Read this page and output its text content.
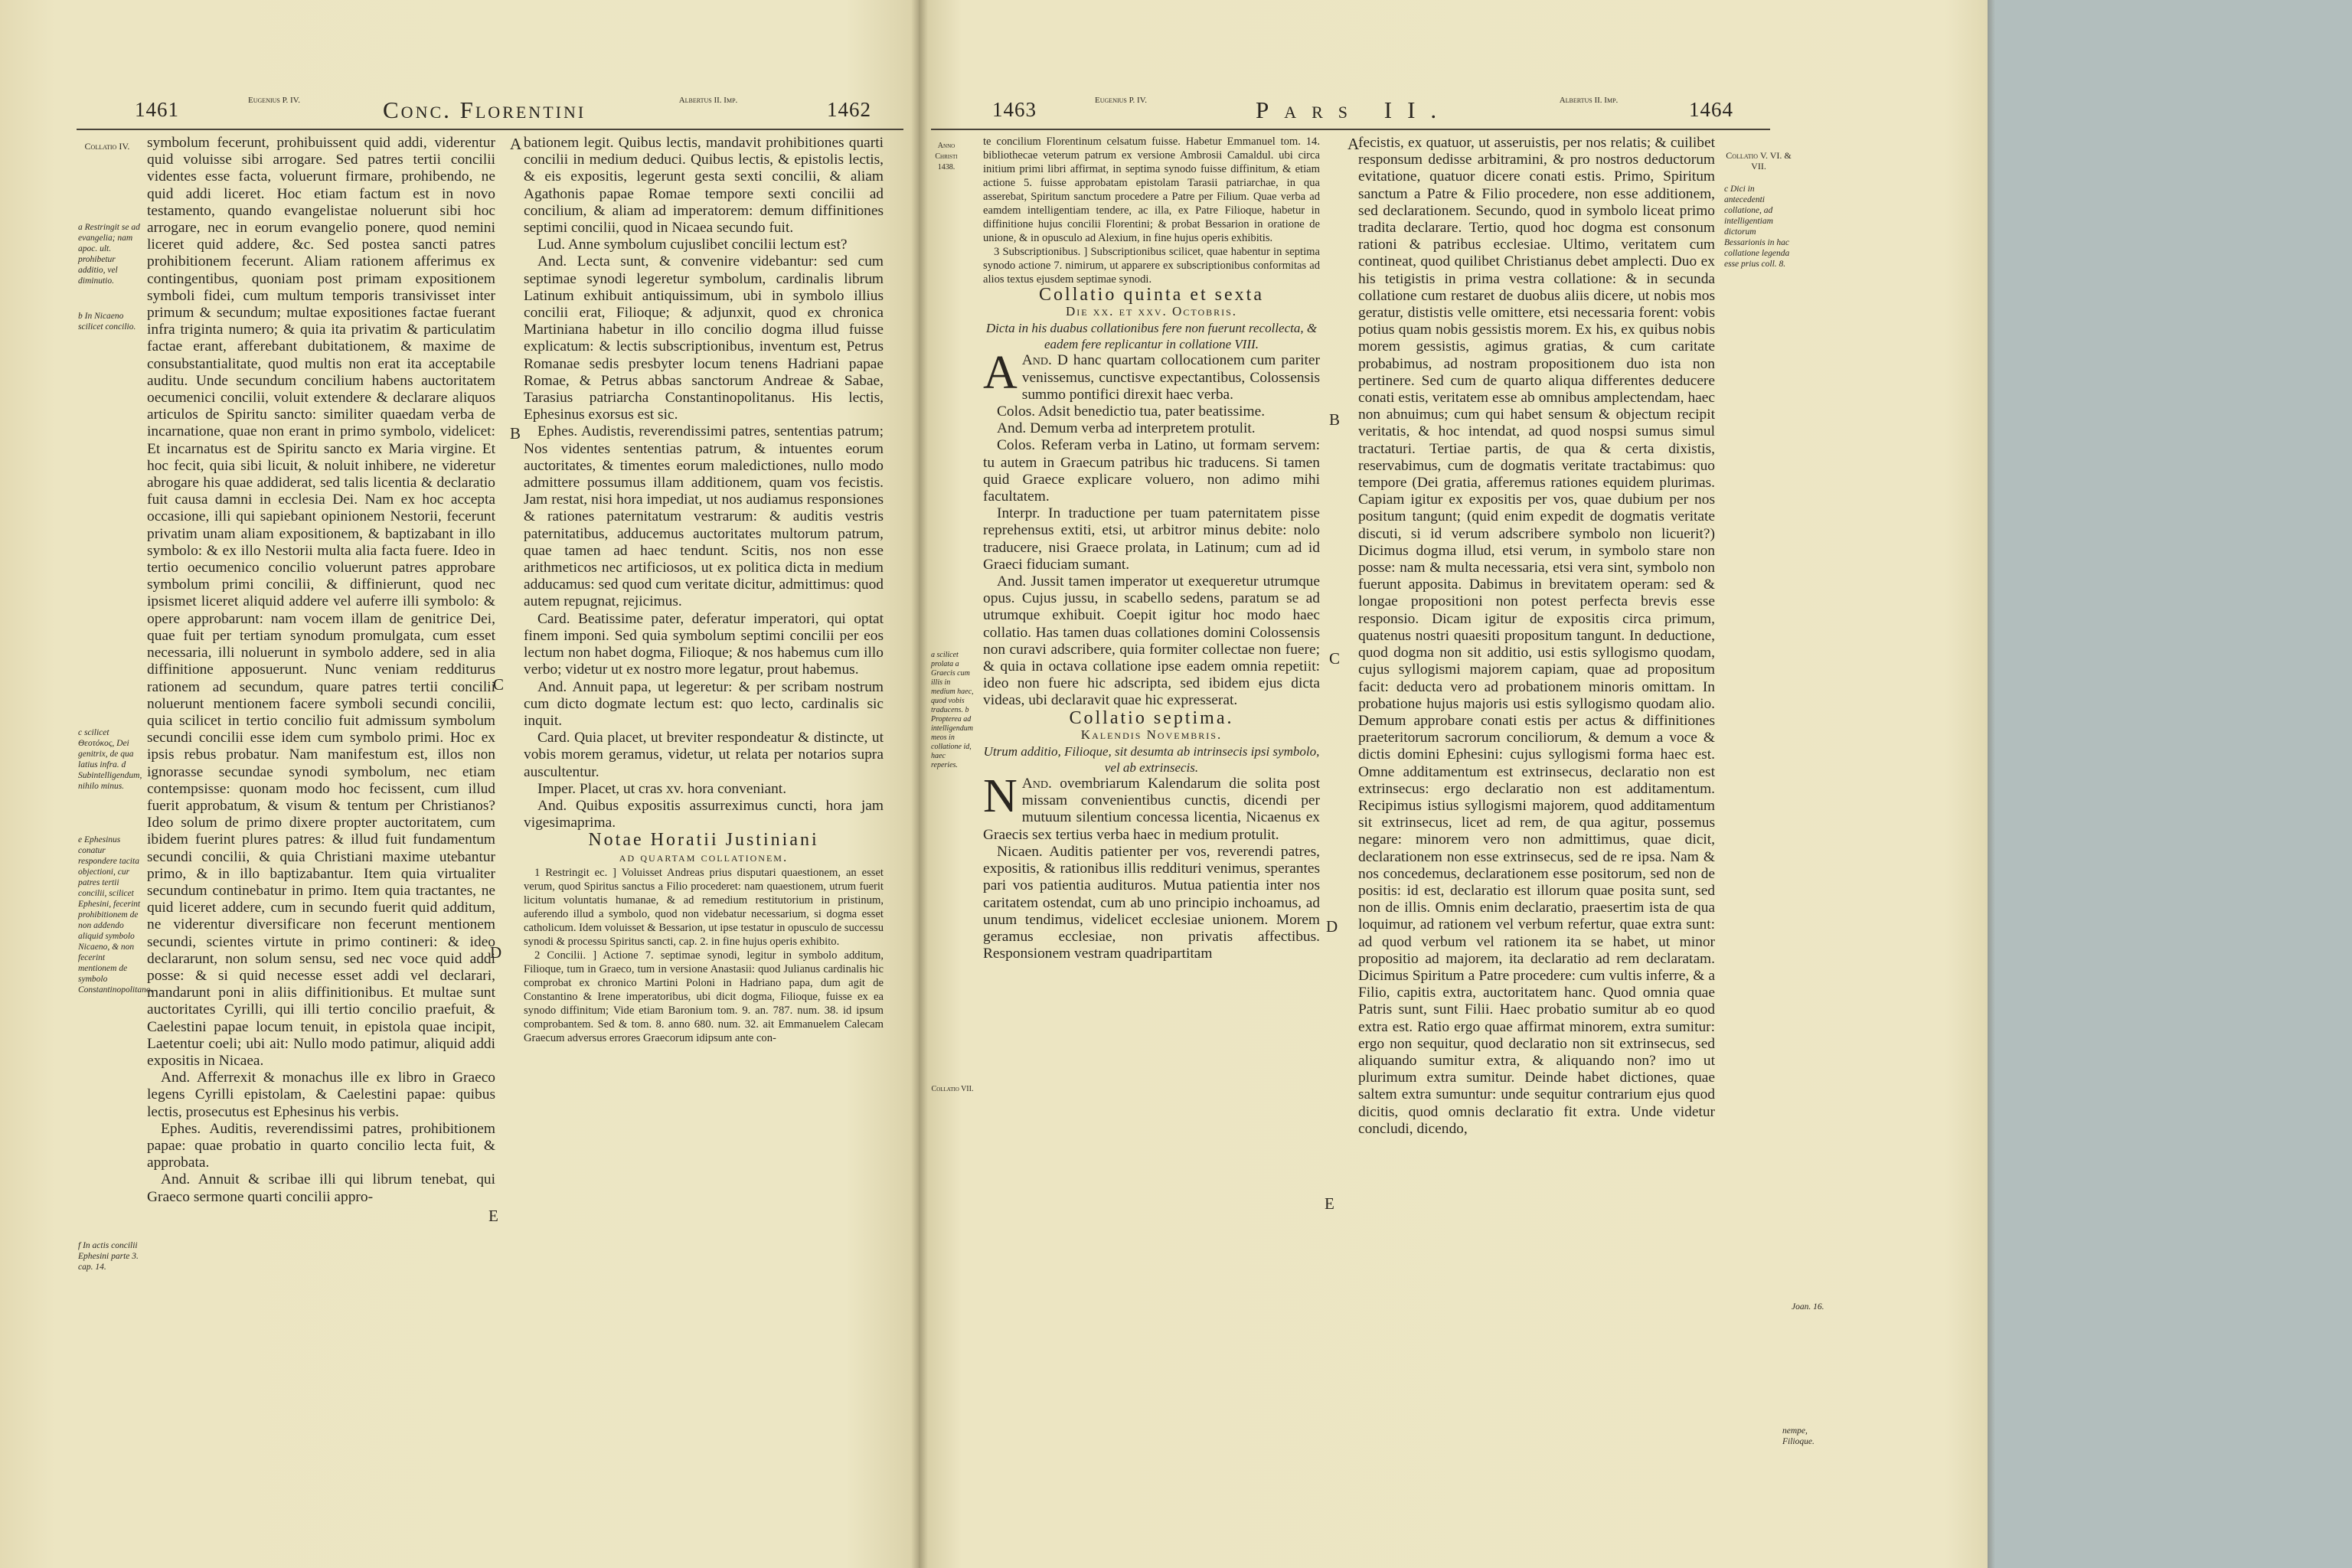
1461	Eugenius P. IV.	Conc. Florentini	Albertus II. Imp.	1462
Collatio IV.
a Restringit se ad evangelia; nam apoc. ult. prohibetur additio, vel diminutio.
b In Nicaeno scilicet concilio.
c scilicet Θεοτόκος, Dei genitrix, de qua latius infra. d Subintelligendum, nihilo minus.
e Ephesinus conatur respondere tacita objectioni, cur patres tertii concilii, scilicet Ephesini, fecerint prohibitionem de non addendo aliquid symbolo Nicaeno, & non fecerint mentionem de symbolo Constantinopolitano.
f In actis concilii Ephesini parte 3. cap. 14.
A
B
C
D
E

symbolum fecerunt, prohibuissent quid addi, viderentur quid voluisse sibi arrogare. Sed patres tertii concilii videntes esse facta, voluerunt firmare, prohibendo, ne quid addi liceret. Hoc etiam factum est in novo testamento, quando evangelistae noluerunt sibi hoc arrogare, nec in eorum evangelio ponere, quod nemini liceret quid addere, &c. Sed postea sancti patres prohibitionem fecerunt. Aliam rationem afferimus ex contingentibus, quoniam post primam expositionem symboli fidei, cum multum temporis transivisset inter primum & secundum; multae expositiones factae fuerant infra triginta numero; & quia ita privatim & particulatim factae erant, afferebant dubitationem, & maxime de consubstantialitate, quod multis non erat ita acceptabile auditu. Unde secundum concilium habens auctoritatem oecumenici concilii, voluit extendere & declarare aliquos articulos de Spiritu sancto: similiter quaedam verba de incarnatione, quae non erant in primo symbolo, videlicet: Et incarnatus est de Spiritu sancto ex Maria virgine. Et hoc fecit, quia sibi licuit, & noluit inhibere, ne videretur abrogare his quae addiderat, sed talis licentia & declaratio fuit causa damni in ecclesia Dei. Nam ex hoc accepta occasione, illi qui sapiebant opinionem Nestorii, fecerunt privatim unam aliam expositionem, & baptizabant in illo symbolo: & ex illo Nestorii multa alia facta fuere. Ideo in tertio oecumenico concilio voluerunt patres approbare symbolum primi concilii, & diffinierunt, quod nec ipsismet liceret aliquid addere vel auferre illi symbolo: & opere approbarunt: nam vocem illam de genitrice Dei, quae fuit per tertiam synodum promulgata, cum esset necessaria, illi noluerunt in symbolo addere, sed in alia diffinitione apposuerunt. Nunc veniam redditurus rationem ad secundum, quare patres tertii concilii noluerunt mentionem facere symboli secundi concilii, quia scilicet in tertio concilio fuit admissum symbolum secundi concilii esse idem cum symbolo primi. Hoc ex ipsis rebus probatur. Nam manifestum est, illos non ignorasse secundae synodi symbolum, nec etiam contempsisse: quonam modo hoc fecissent, cum illud fuerit approbatum, & visum & tentum per Christianos? Ideo solum de primo dixere propter auctoritatem, cum ibidem fuerint plures patres: & illud fuit fundamentum secundi concilii, & quia Christiani maxime utebantur primo, & in illo baptizabantur. Item quia virtualiter secundum continebatur in primo. Item quia tractantes, ne quid liceret addere, cum in secundo fuerit quid additum, ne viderentur diversificare non fecerunt mentionem secundi, scientes virtute in primo contineri: & ideo declararunt, non solum sensu, sed nec voce quid addi posse: & si quid necesse esset addi vel declarari, mandarunt poni in aliis diffinitionibus. Et multae sunt auctoritates Cyrilli, qui illi tertio concilio praefuit, & Caelestini papae locum tenuit, in epistola quae incipit, Laetentur coeli; ubi ait: Nullo modo patimur, aliquid addi expositis in Nicaea.

And. Afferrexit & monachus ille ex libro in Graeco legens Cyrilli epistolam, & Caelestini papae: quibus lectis, prosecutus est Ephesinus his verbis.

Ephes. Auditis, reverendissimi patres, prohibitionem papae: quae probatio in quarto concilio lecta fuit, & approbata.

And. Annuit & scribae illi qui librum tenebat, qui Graeco sermone quarti concilii appro-

bationem legit. Quibus lectis, mandavit prohibitiones quarti concilii in medium deduci. Quibus lectis, & epistolis lectis, & eis expositis, legerunt gesta sexti concilii, & aliam Agathonis papae Romae tempore sexti concilii ad concilium, & aliam ad imperatorem: demum diffinitiones septimi concilii, quod in Nicaea secundo fuit.

Lud. Anne symbolum cujuslibet concilii lectum est?

And. Lecta sunt, & convenire videbantur: sed cum septimae synodi legeretur symbolum, cardinalis librum Latinum exhibuit antiquissimum, ubi in symbolo illius concilii erat, Filioque; & adjunxit, quod ex chronica Martiniana habetur in illo concilio dogma illud fuisse explicatum: & lectis subscriptionibus, inventum est, Petrus Romanae sedis presbyter locum tenens Hadriani papae Romae, & Petrus abbas sanctorum Andreae & Sabae, Tarasius patriarcha Constantinopolitanus. His lectis, Ephesinus exorsus est sic.

Ephes. Audistis, reverendissimi patres, sententias patrum; Nos videntes sententias patrum, & intuentes eorum auctoritates, & timentes eorum maledictiones, nullo modo admittere possumus illam additionem, quam vos fecistis. Jam restat, nisi hora impediat, ut nos audiamus responsiones & rationes paternitatum vestrarum: & auditis vestris paternitatibus, adducemus auctoritates multorum patrum, quae tamen ad haec tendunt. Scitis, nos non esse arithmeticos nec artificiosos, ut ex politica dicta in medium adducamus: sed quod cum veritate dicitur, admittimus: quod autem repugnat, rejicimus.

Card. Beatissime pater, deferatur imperatori, qui optat finem imponi. Sed quia symbolum septimi concilii per eos lectum non habet dogma, Filioque; & nos habemus cum illo verbo; videtur ut ex nostro more legatur, prout habemus.

And. Annuit papa, ut legeretur: & per scribam nostrum cum dicto dogmate lectum est: quo lecto, cardinalis sic inquit.

Card. Quia placet, ut breviter respondeatur & distincte, ut vobis morem geramus, videtur, ut relata per notarios supra auscultentur.

Imper. Placet, ut cras xv. hora conveniant.

And. Quibus expositis assurreximus cuncti, hora jam vigesimaprima.

Notae Horatii Justiniani

ad quartam collationem.

1 Restringit ec. ] Voluisset Andreas prius disputari quaestionem, an esset verum, quod Spiritus sanctus a Filio procederet: nam quaestionem, utrum fuerit licitum voluntatis humanae, & ad remedium restitutorium in pristinum, auferendo illud a symbolo, quod non videbatur necessarium, si dogma esset catholicum. Idem voluisset & Bessarion, ut ipse testatur in opusculo de successu synodi & processu Spiritus sancti, cap. 2. in fine hujus operis exhibito.

2 Concilii. ] Actione 7. septimae synodi, legitur in symbolo additum, Filioque, tum in Graeco, tum in versione Anastasii: quod Julianus cardinalis hic comprobat ex chronico Martini Poloni in Hadriano papa, dum agit de Constantino & Irene imperatoribus, ubi dicit dogma, Filioque, fuisse ex ea synodo diffinitum; Vide etiam Baronium tom. 9. an. 787. num. 38. id ipsum comprobantem. Sed & tom. 8. anno 680. num. 32. ait Emmanuelem Calecam Graecum adversus errores Graecorum idipsum ante con-

1463	Eugenius P. IV.	Pars II.	Albertus II. Imp.	1464
Anno Christi 1438.
Collatio V. VI. & VII.
c Dici in antecedenti collatione, ad intelligentiam dictorum Bessarionis in hac collatione legenda esse prius coll. 8.
a scilicet prolata a Graecis cum illis in medium haec, quod vobis traducens. b Propterea ad intelligendum meos in collatione id, haec reperies.
Collatio VII.
Joan. 16.
nempe, Filioque.
A
B
C
D
E

te concilium Florentinum celsatum fuisse. Habetur Emmanuel tom. 14. bibliothecae veterum patrum ex versione Ambrosii Camaldul. ubi circa initium primi libri affirmat, in septima synodo fuisse diffinitum, & etiam actione 5. fuisse approbatam epistolam Tarasii patriarchae, in qua asserebat, Spiritum sanctum procedere a Patre per Filium. Quae verba ad eamdem intelligentiam tendere, ac illa, ex Patre Filioque, habetur in diffinitione hujus concilii Florentini; & probat Bessarion in oratione de unione, & in opusculo ad Alexium, in fine hujus operis exhibitis.

3 Subscriptionibus. ] Subscriptionibus scilicet, quae habentur in septima synodo actione 7. nimirum, ut apparere ex subscriptionibus conformitas ad alios textus ejusdem septimae synodi.

Collatio quinta et sexta

Die xx. et xxv. Octobris.

Dicta in his duabus collationibus fere non fuerunt recollecta, & eadem fere replicantur in collatione VIII.

And.
A	D hanc quartam collocationem cum pariter venissemus, cunctisve expectantibus, Colossensis summo pontifici direxit haec verba.

Colos. Adsit benedictio tua, pater beatissime.

And. Demum verba ad interpretem protulit.

Colos. Referam verba in Latino, ut formam servem: tu autem in Graecum patribus hic traducens. Si tamen quid Graece explicare voluero, non adimo mihi facultatem.

Interpr. In traductione per tuam paternitatem pisse reprehensus extiti, etsi, ut arbitror minus debite: nolo traducere, nisi Graece prolata, in Latinum; cum ad id Graeci fiduciam sumant.

And. Jussit tamen imperator ut exequeretur utrumque opus. Cujus jussu, in scabello sedens, paratum se ad utrumque exhibuit. Coepit igitur hoc modo haec collatio. Has tamen duas collationes domini Colossensis non curavi adscribere, quia formiter collectae non fuere; & quia in octava collatione ipse eadem omnia repetiit: ideo non fuere hic adscripta, sed ibidem ejus dicta videas, ubi declaravit quae hic expresserat.

Collatio septima.

Kalendis Novembris.

Utrum additio, Filioque, sit desumta ab intrinsecis ipsi symbolo, vel ab extrinsecis.

And.
N	ovembriarum Kalendarum die solita post missam convenientibus cunctis, dicendi per mutuum silentium concessa licentia, Nicaenus ex Graecis sex tertius verba haec in medium protulit.

Nicaen. Auditis patienter per vos, reverendi patres, expositis, & rationibus illis reddituri venimus, sperantes pari vos patientia audituros. Mutua patientia inter nos caritatem ostendat, cum ab uno principio inchoamus, ad unum tendimus, videlicet ecclesiae unionem. Morem geramus ecclesiae, non privatis affectibus. Responsionem vestram quadripartitam

fecistis, ex quatuor, ut asseruistis, per nos relatis; & cuilibet responsum dedisse arbitramini, & pro nostros deductorum evitatione, quatuor dicere conati estis. Primo, Spiritum sanctum a Patre & Filio procedere, non esse additionem, sed declarationem. Secundo, quod in symbolo liceat primo tradita declarare. Tertio, quod hoc dogma est consonum rationi & patribus ecclesiae. Ultimo, veritatem cum contineat, quod quilibet Christianus debet amplecti. Duo ex his tetigistis in prima vestra collatione: & in secunda collatione cum restaret de duobus aliis dicere, ut nobis mos geratur, dististis velle omittere, etsi necessaria forent: vobis potius quam nobis gessistis morem. Ex his, ex quibus nobis morem gessistis, agimus gratias, & cum caritate probabimus, ad nostram propositionem duo ista non pertinere. Sed cum de quarto aliqua differentes deducere conati estis, veritatem esse ab omnibus amplectendam, haec non abnuimus; cum qui habet sensum & objectum recipit veritatis, & hoc intendat, ad quod nospsi sumus simul tractaturi. Tertiae partis, de qua & certa dixistis, reservabimus, cum de dogmatis veritate tractabimus: quo tempore (Dei gratia, afferemus rationes equidem plurimas. Capiam igitur ex expositis per vos, quae dubium per nos positum tangunt; (quid enim expedit de dogmatis veritate discuti, si id verum adscribere symbolo non licuerit?) Dicimus dogma illud, etsi verum, in symbolo stare non posse: nam & multa necessaria, etsi vera sint, symbolo non fuerunt apposita. Dabimus in brevitatem operam: sed & longae propositioni non potest perfecta brevis esse responsio. Dicam igitur de expositis circa primum, quatenus nostri quaesiti propositum tangunt. In deductione, quod dogma non sit additio, usi estis syllogismo quodam, cujus syllogismi majorem capiam, quae ad propositum facit: deducta vero ad probationem minoris omittam. In probatione hujus majoris usi estis syllogismo quodam alio. Demum approbare conati estis per actus & diffinitiones praeteritorum sacrorum conciliorum, & demum a voce & dictis domini Ephesini: cujus syllogismi forma haec est. Omne additamentum est extrinsecus, declaratio non est extrinsecus: ergo declaratio non est additamentum. Recipimus istius syllogismi majorem, quod additamentum sit extrinsecus, licet ad rem, de qua agitur, possemus negare: minorem vero non admittimus, quae dicit, declarationem non esse extrinsecus, sed de re ipsa. Nam & nos concedemus, declarationem esse positorum, sed non de positis: id est, declaratio est illorum quae posita sunt, sed non de illis. Omnis enim declaratio, praesertim ista de qua loquimur, ad rationem vel verbum refertur, quae extra sunt: ad quod verbum vel rationem ita se habet, ut minor propositio ad majorem, ita declaratio ad rem declaratam. Dicimus Spiritum a Patre procedere: cum vultis inferre, & a Filio, capitis extra, auctoritatem hanc. Quod omnia quae Patris sunt, sunt Filii. Haec probatio sumitur ab eo quod extra est. Ratio ergo quae affirmat minorem, extra sumitur: ergo non sequitur, quod declaratio non sit extrinsecus, sed aliquando sumitur extra, & aliquando non? imo ut plurimum extra sumitur. Deinde habet dictiones, quae saltem extra sumuntur: unde sequitur contrarium ejus quod dicitis, quod omnis declaratio fit extra. Unde videtur concludi, dicendo,
